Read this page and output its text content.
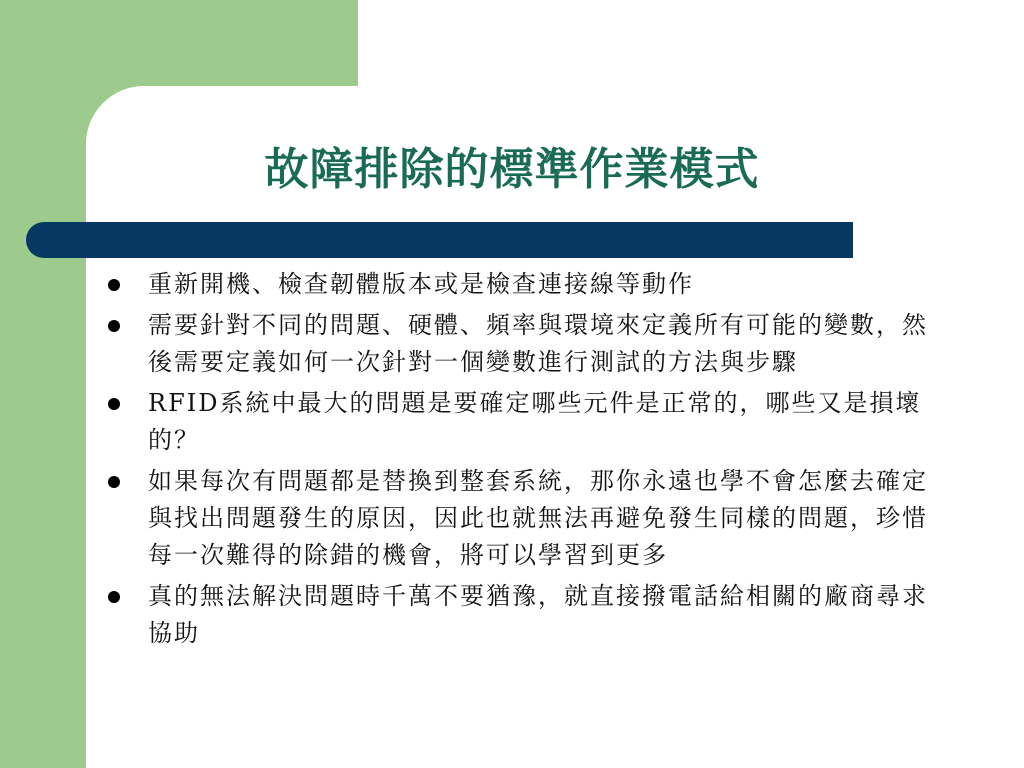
故障排除的標準作業模式
重新開機、檢查韌體版本或是檢查連接線等動作
需要針對不同的問題、硬體、頻率與環境來定義所有可能的變數，然後需要定義如何一次針對一個變數進行測試的方法與步驟
RFID系統中最大的問題是要確定哪些元件是正常的，哪些又是損壞的？
如果每次有問題都是替換到整套系統，那你永遠也學不會怎麼去確定與找出問題發生的原因，因此也就無法再避免發生同樣的問題，珍惜每一次難得的除錯的機會，將可以學習到更多
真的無法解決問題時千萬不要猶豫，就直接撥電話給相關的廠商尋求協助
